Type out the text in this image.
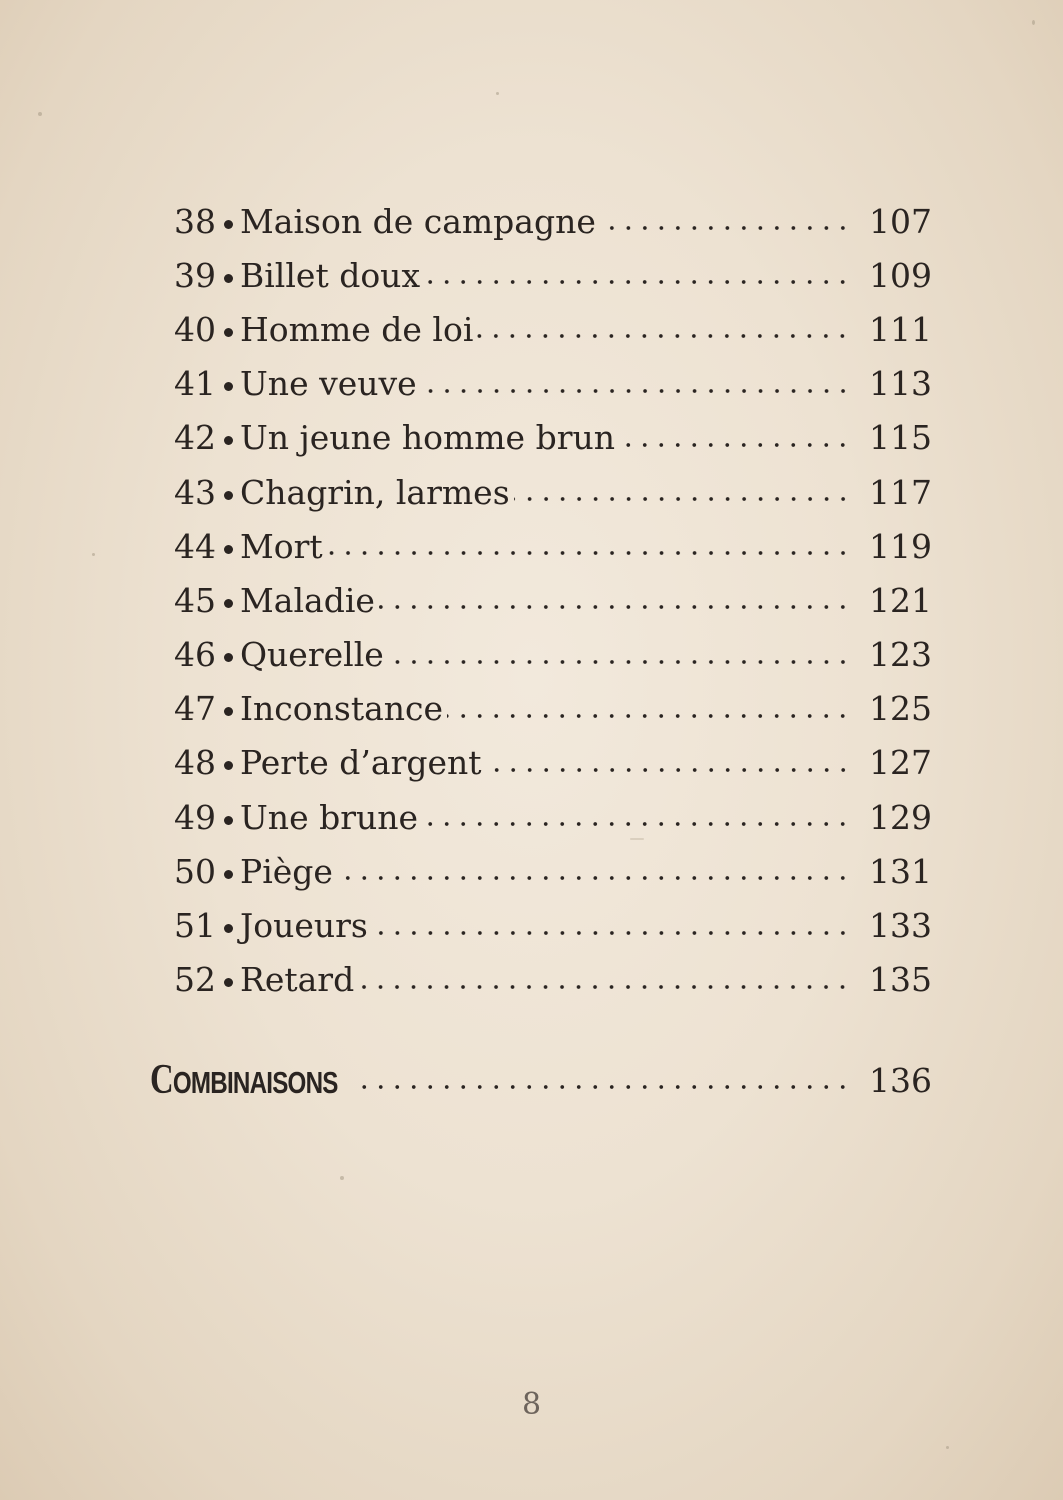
38 Maison de campagne	107
39 Billet doux	109
40 Homme de loi	111
41 Une veuve	113
42 Un jeune homme brun	115
43 Chagrin, larmes	117
44 Mort	119
45 Maladie	121
46 Querelle	123
47 Inconstance	125
48 Perte d’argent	127
49 Une brune	129
50 Piège	131
51 Joueurs	133
52 Retard	135
COMBINAISONS	136
8
